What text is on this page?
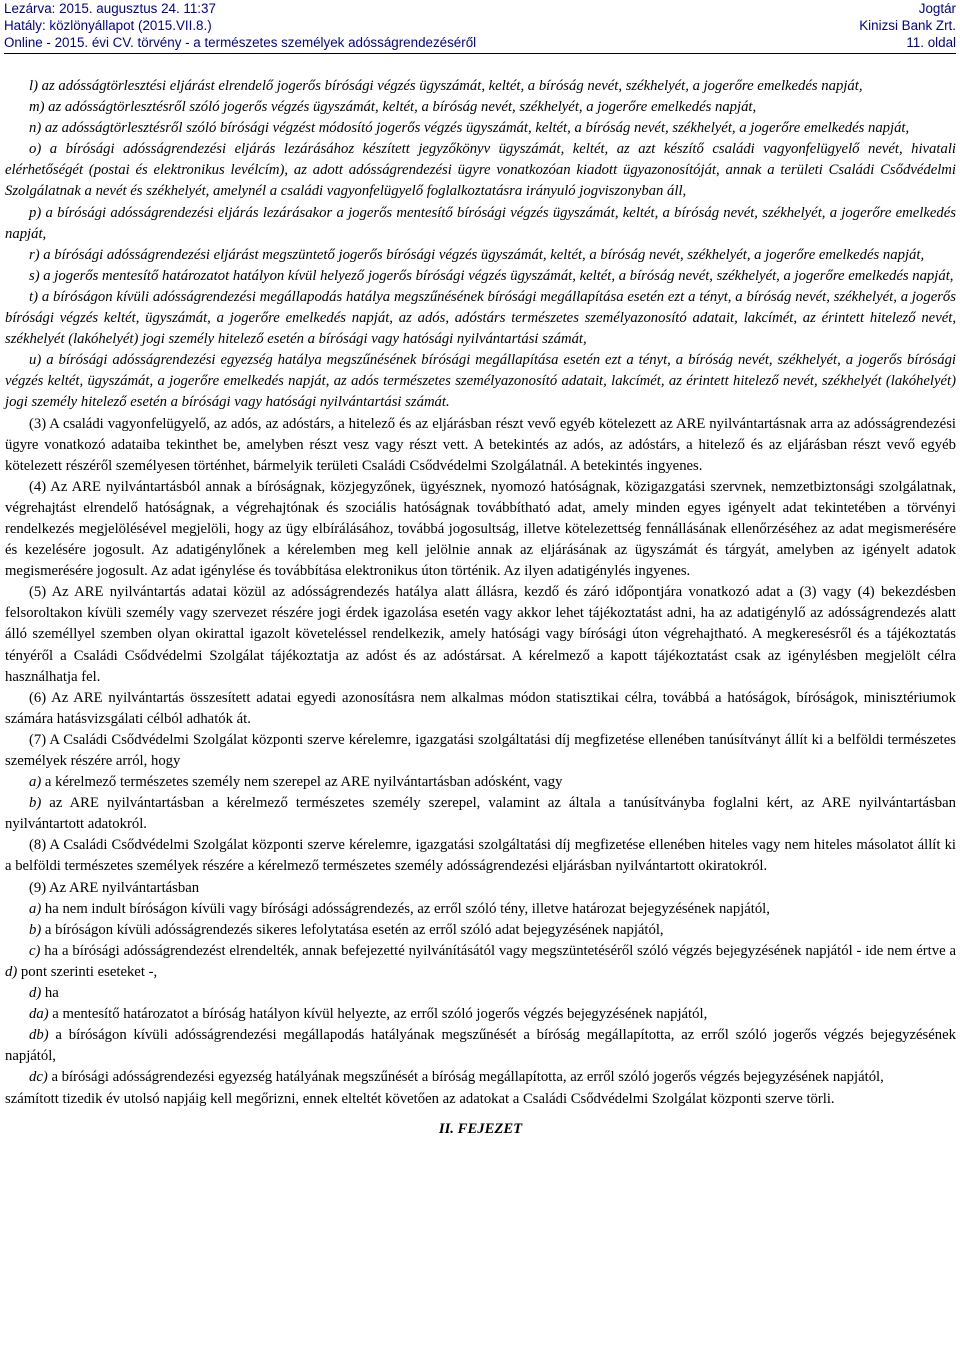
Lezárva: 2015. augusztus 24. 11:37
Hatály: közlönyállapot (2015.VII.8.)
Online - 2015. évi CV. törvény - a természetes személyek adósságrendezéséről
Jogtár
Kinizsi Bank Zrt.
11. oldal

l) az adósságtörlesztési eljárást elrendelő jogerős bírósági végzés ügyszámát, keltét, a bíróság nevét, székhelyét, a jogerőre emelkedés napját,

m) az adósságtörlesztésről szóló jogerős végzés ügyszámát, keltét, a bíróság nevét, székhelyét, a jogerőre emelkedés napját,

n) az adósságtörlesztésről szóló bírósági végzést módosító jogerős végzés ügyszámát, keltét, a bíróság nevét, székhelyét, a jogerőre emelkedés napját,

o) a bírósági adósságrendezési eljárás lezárásához készített jegyzőkönyv ügyszámát, keltét, az azt készítő családi vagyonfelügyelő nevét, hivatali elérhetőségét (postai és elektronikus levélcím), az adott adósságrendezési ügyre vonatkozóan kiadott ügyazonosítóját, annak a területi Családi Csődvédelmi Szolgálatnak a nevét és székhelyét, amelynél a családi vagyonfelügyelő foglalkoztatásra irányuló jogviszonyban áll,

p) a bírósági adósságrendezési eljárás lezárásakor a jogerős mentesítő bírósági végzés ügyszámát, keltét, a bíróság nevét, székhelyét, a jogerőre emelkedés napját,

r) a bírósági adósságrendezési eljárást megszüntető jogerős bírósági végzés ügyszámát, keltét, a bíróság nevét, székhelyét, a jogerőre emelkedés napját,

s) a jogerős mentesítő határozatot hatályon kívül helyező jogerős bírósági végzés ügyszámát, keltét, a bíróság nevét, székhelyét, a jogerőre emelkedés napját,

t) a bíróságon kívüli adósságrendezési megállapodás hatálya megszűnésének bírósági megállapítása esetén ezt a tényt, a bíróság nevét, székhelyét, a jogerős bírósági végzés keltét, ügyszámát, a jogerőre emelkedés napját, az adós, adóstárs természetes személyazonosító adatait, lakcímét, az érintett hitelező nevét, székhelyét (lakóhelyét) jogi személy hitelező esetén a bírósági vagy hatósági nyilvántartási számát,

u) a bírósági adósságrendezési egyezség hatálya megszűnésének bírósági megállapítása esetén ezt a tényt, a bíróság nevét, székhelyét, a jogerős bírósági végzés keltét, ügyszámát, a jogerőre emelkedés napját, az adós természetes személyazonosító adatait, lakcímét, az érintett hitelező nevét, székhelyét (lakóhelyét) jogi személy hitelező esetén a bírósági vagy hatósági nyilvántartási számát.

(3) A családi vagyonfelügyelő, az adós, az adóstárs, a hitelező és az eljárásban részt vevő egyéb kötelezett az ARE nyilvántartásnak arra az adósságrendezési ügyre vonatkozó adataiba tekinthet be, amelyben részt vesz vagy részt vett. A betekintés az adós, az adóstárs, a hitelező és az eljárásban részt vevő egyéb kötelezett részéről személyesen történhet, bármelyik területi Családi Csődvédelmi Szolgálatnál. A betekintés ingyenes.

(4) Az ARE nyilvántartásból annak a bíróságnak, közjegyzőnek, ügyésznek, nyomozó hatóságnak, közigazgatási szervnek, nemzetbiztonsági szolgálatnak, végrehajtást elrendelő hatóságnak, a végrehajtónak és szociális hatóságnak továbbítható adat, amely minden egyes igényelt adat tekintetében a törvényi rendelkezés megjelölésével megjelöli, hogy az ügy elbírálásához, továbbá jogosultság, illetve kötelezettség fennállásának ellenőrzéséhez az adat megismerésére és kezelésére jogosult. Az adatigénylőnek a kérelemben meg kell jelölnie annak az eljárásának az ügyszámát és tárgyát, amelyben az igényelt adatok megismerésére jogosult. Az adat igénylése és továbbítása elektronikus úton történik. Az ilyen adatigénylés ingyenes.

(5) Az ARE nyilvántartás adatai közül az adósságrendezés hatálya alatt állásra, kezdő és záró időpontjára vonatkozó adat a (3) vagy (4) bekezdésben felsoroltakon kívüli személy vagy szervezet részére jogi érdek igazolása esetén vagy akkor lehet tájékoztatást adni, ha az adatigénylő az adósságrendezés alatt álló személlyel szemben olyan okirattal igazolt követeléssel rendelkezik, amely hatósági vagy bírósági úton végrehajtható. A megkeresésről és a tájékoztatás tényéről a Családi Csődvédelmi Szolgálat tájékoztatja az adóst és az adóstársat. A kérelmező a kapott tájékoztatást csak az igénylésben megjelölt célra használhatja fel.

(6) Az ARE nyilvántartás összesített adatai egyedi azonosításra nem alkalmas módon statisztikai célra, továbbá a hatóságok, bíróságok, minisztériumok számára hatásvizsgálati célból adhatók át.

(7) A Családi Csődvédelmi Szolgálat központi szerve kérelemre, igazgatási szolgáltatási díj megfizetése ellenében tanúsítványt állít ki a belföldi természetes személyek részére arról, hogy

a) a kérelmező természetes személy nem szerepel az ARE nyilvántartásban adósként, vagy

b) az ARE nyilvántartásban a kérelmező természetes személy szerepel, valamint az általa a tanúsítványba foglalni kért, az ARE nyilvántartásban nyilvántartott adatokról.

(8) A Családi Csődvédelmi Szolgálat központi szerve kérelemre, igazgatási szolgáltatási díj megfizetése ellenében hiteles vagy nem hiteles másolatot állít ki a belföldi természetes személyek részére a kérelmező természetes személy adósságrendezési eljárásban nyilvántartott okiratokról.

(9) Az ARE nyilvántartásban

a) ha nem indult bíróságon kívüli vagy bírósági adósságrendezés, az erről szóló tény, illetve határozat bejegyzésének napjától,

b) a bíróságon kívüli adósságrendezés sikeres lefolytatása esetén az erről szóló adat bejegyzésének napjától,

c) ha a bírósági adósságrendezést elrendelték, annak befejezetté nyilvánításától vagy megszüntetéséről szóló végzés bejegyzésének napjától - ide nem értve a d) pont szerinti eseteket -,

d) ha

da) a mentesítő határozatot a bíróság hatályon kívül helyezte, az erről szóló jogerős végzés bejegyzésének napjától,

db) a bíróságon kívüli adósságrendezési megállapodás hatályának megszűnését a bíróság megállapította, az erről szóló jogerős végzés bejegyzésének napjától,

dc) a bírósági adósságrendezési egyezség hatályának megszűnését a bíróság megállapította, az erről szóló jogerős végzés bejegyzésének napjától,

számított tizedik év utolsó napjáig kell megőrizni, ennek elteltét követően az adatokat a Családi Csődvédelmi Szolgálat központi szerve törli.

II. FEJEZET
